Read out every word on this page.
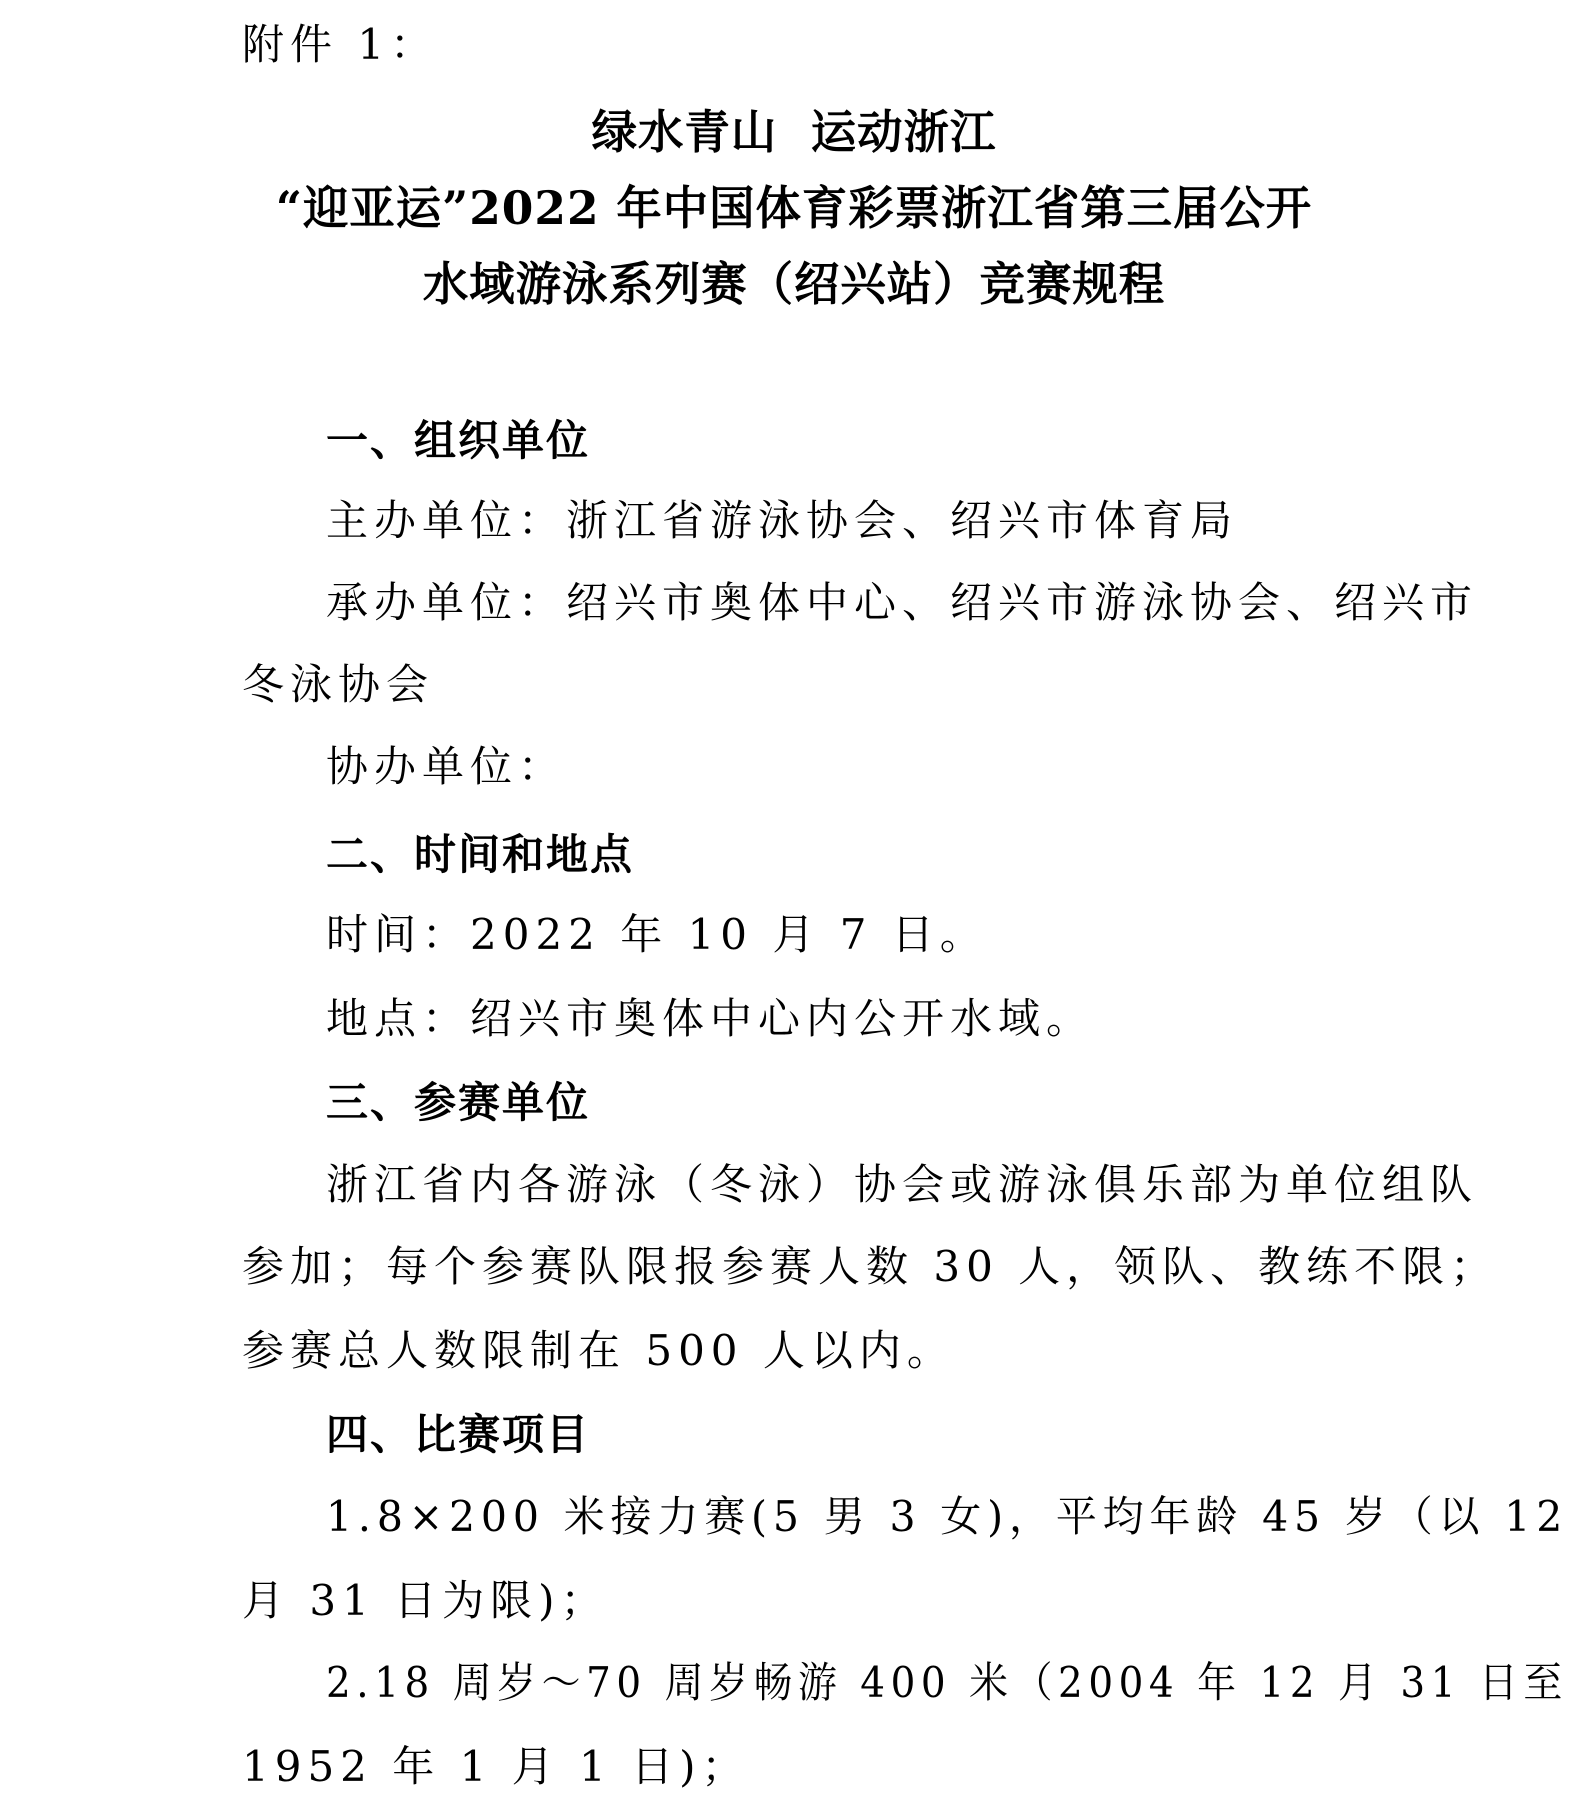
附件 1：
绿水青山  运动浙江
“迎亚运”2022 年中国体育彩票浙江省第三届公开
水域游泳系列赛（绍兴站）竞赛规程
一、组织单位
主办单位：浙江省游泳协会、绍兴市体育局
承办单位：绍兴市奥体中心、绍兴市游泳协会、绍兴市
冬泳协会
协办单位：
二、时间和地点
时间：2022 年 10 月 7 日。
地点：绍兴市奥体中心内公开水域。
三、参赛单位
浙江省内各游泳（冬泳）协会或游泳俱乐部为单位组队
参加；每个参赛队限报参赛人数 30 人，领队、教练不限；
参赛总人数限制在 500 人以内。
四、比赛项目
1.8×200 米接力赛(5 男 3 女)，平均年龄 45 岁（以 12
月 31 日为限)；
2.18 周岁～70 周岁畅游 400 米（2004 年 12 月 31 日至
1952 年 1 月 1 日)；
